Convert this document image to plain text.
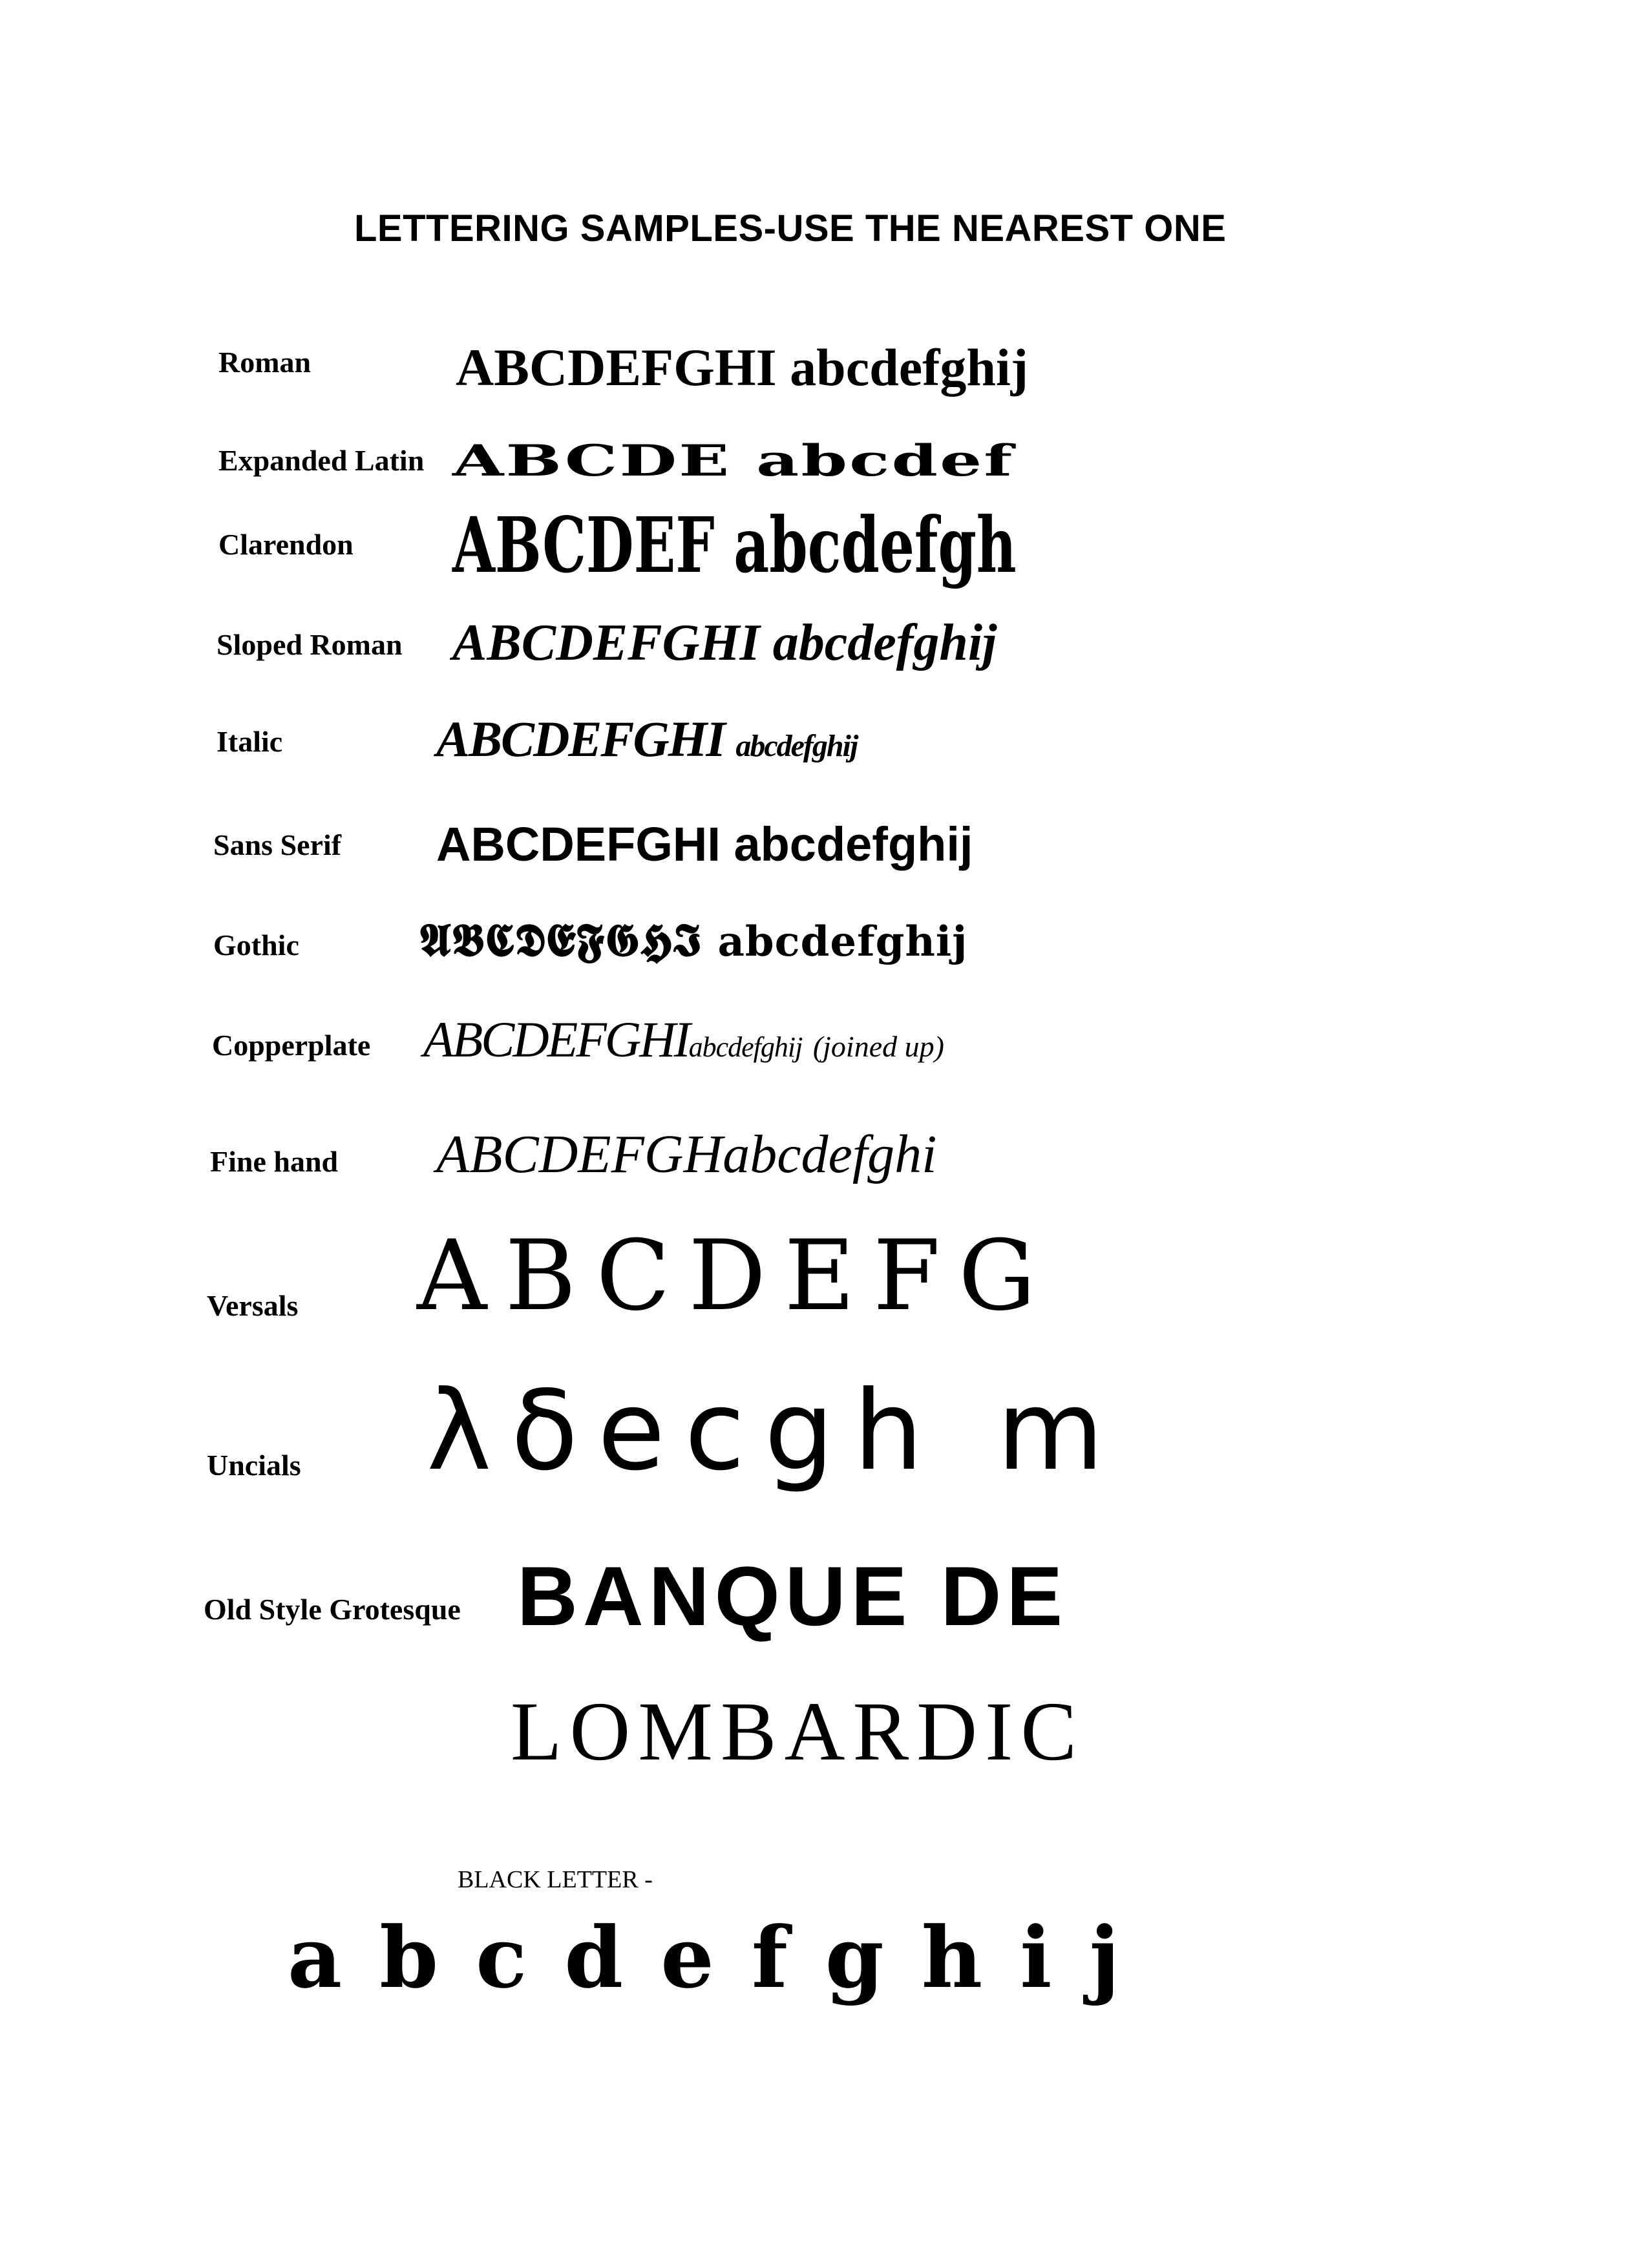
LETTERING SAMPLES-USE THE NEAREST ONE
Roman	ABCDEFGHI abcdefghij
Expanded Latin ABCDE abcdef
Clarendon ABCDEF abcdefgh
Sloped Roman ABCDEFGHI abcdefghij
Italic	ABCDEFGHI abcdefghij
Sans Serif ABCDEFGHI abcdefghij
Gothic	𝕬𝕭𝕮𝕯𝕰𝕱𝕲𝕳𝕴 abcdefghij
Copperplate ABCDEFGHIabcdefghij (joined up)
Fine hand ABCDEFGHabcdefghi
Versals ABCDEFG
Uncials λδecgh m
Old Style Grotesque BANQUE DE
LOMBARDIC
BLACK LETTER -
abcdefghij
